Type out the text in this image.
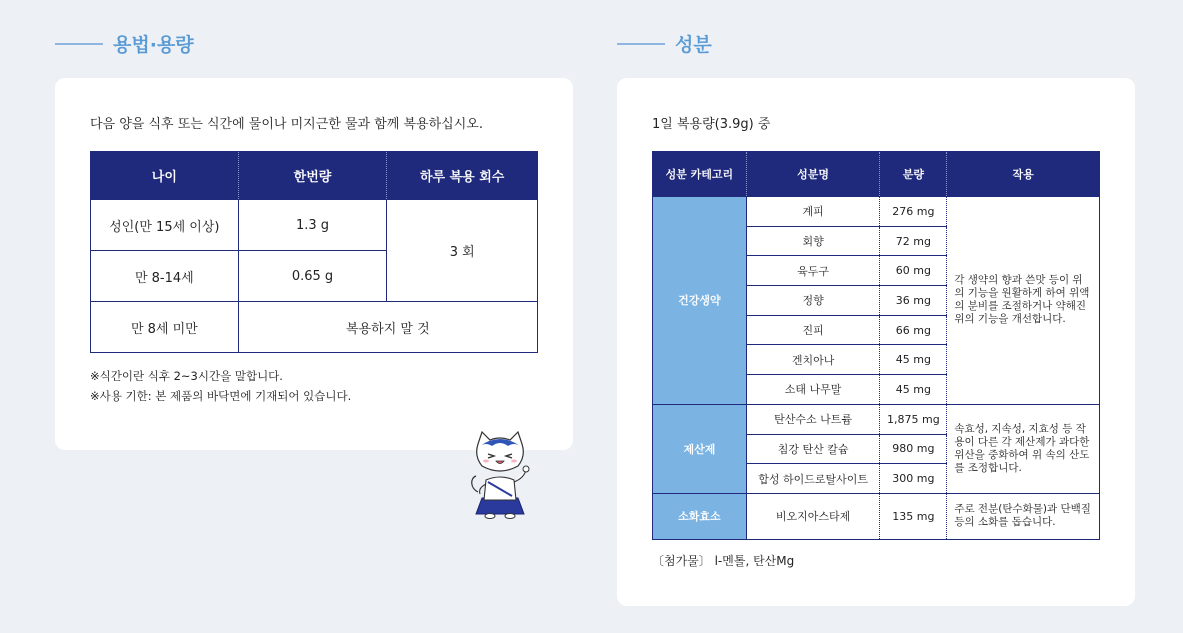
용법·용량	성분
다음 양을 식후 또는 식간에 물이나 미지근한 물과 함께 복용하십시오.
나이	한번량	하루 복용 회수
성인(만 15세 이상)	1.3 g	3 회
만 8-14세	0.65 g	
만 8세 미만	복용하지 말 것	
※식간이란 식후 2~3시간을 말합니다.
※사용 기한: 본 제품의 바닥면에 기재되어 있습니다.
1일 복용량(3.9g) 중
성분 카테고리	성분명	분량	작용
건강생약	계피	276 mg	각 생약의 향과 쓴맛 등이 위의 기능을 원활하게 하여 위액의 분비를 조절하거나 약해진 위의 기능을 개선합니다.
	회향	72 mg	
	육두구	60 mg	
	정향	36 mg	
	진피	66 mg	
	겐치아나	45 mg	
	소태 나무말	45 mg	
제산제	탄산수소 나트륨	1,875 mg	속효성, 지속성, 지효성 등 작용이 다른 각 제산제가 과다한 위산을 중화하여 위 속의 산도를 조정합니다.
	침강 탄산 칼슘	980 mg	
	합성 하이드로탈사이트	300 mg	
소화효소	비오지아스타제	135 mg	주로 전분(탄수화물)과 단백질 등의 소화를 돕습니다.
〔첨가물〕 l-멘톨, 탄산Mg
